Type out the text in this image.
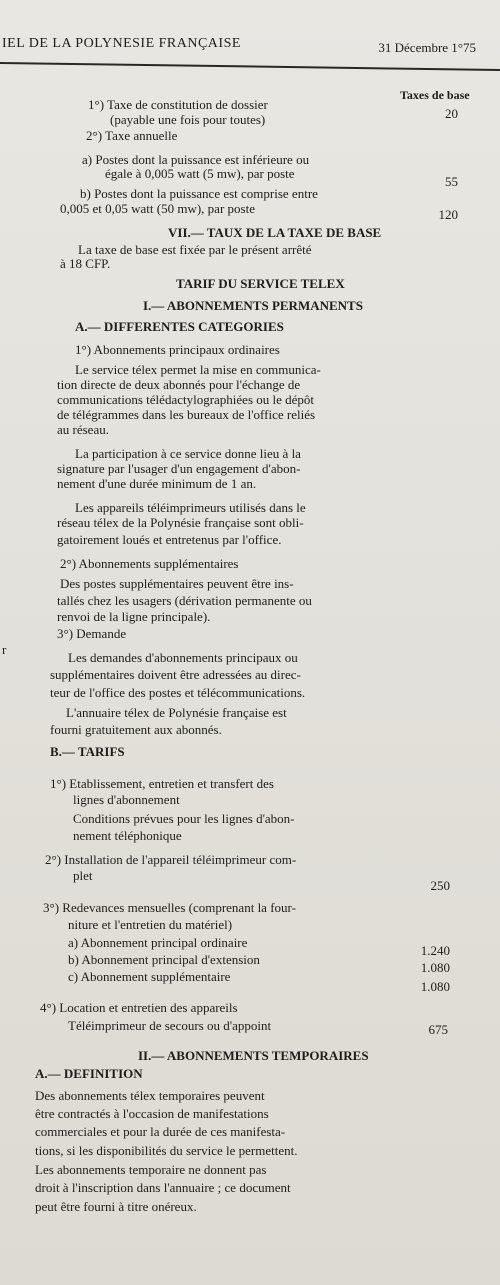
IEL DE LA POLYNESIE FRANÇAISE	31 Décembre 1°75
Taxes de base
1°) Taxe de constitution de dossier
(payable une fois pour toutes)
2°) Taxe annuelle
a) Postes dont la puissance est inférieure ou
égale à 0,005 watt (5 mw), par poste
b) Postes dont la puissance est comprise entre
0,005 et 0,05 watt (50 mw), par poste
VII.— TAUX DE LA TAXE DE BASE
La taxe de base est fixée par le présent arrêté
à 18 CFP.
TARIF DU SERVICE TELEX
I.— ABONNEMENTS PERMANENTS
A.— DIFFERENTES CATEGORIES
1°) Abonnements principaux ordinaires
Le service télex permet la mise en communica-
tion directe de deux abonnés pour l'échange de
communications télédactylographiées ou le dépôt
de télégrammes dans les bureaux de l'office reliés
au réseau.
La participation à ce service donne lieu à la
signature par l'usager d'un engagement d'abon-
nement d'une durée minimum de 1 an.
Les appareils téléimprimeurs utilisés dans le
réseau télex de la Polynésie française sont obli-
gatoirement loués et entretenus par l'office.
2°) Abonnements supplémentaires
Des postes supplémentaires peuvent être ins-
tallés chez les usagers (dérivation permanente ou
renvoi de la ligne principale).
3°) Demande
Les demandes d'abonnements principaux ou
supplémentaires doivent être adressées au direc-
teur de l'office des postes et télécommunications.
L'annuaire télex de Polynésie française est
fourni gratuitement aux abonnés.
B.— TARIFS
1°) Etablissement, entretien et transfert des
lignes d'abonnement
Conditions prévues pour les lignes d'abon-
nement téléphonique
2°) Installation de l'appareil téléimprimeur com-
plet
3°) Redevances mensuelles (comprenant la four-
niture et l'entretien du matériel)
a) Abonnement principal ordinaire
b) Abonnement principal d'extension
c) Abonnement supplémentaire
4°) Location et entretien des appareils
Téléimprimeur de secours ou d'appoint
II.— ABONNEMENTS TEMPORAIRES
A.— DEFINITION
Des abonnements télex temporaires peuvent
être contractés à l'occasion de manifestations
commerciales et pour la durée de ces manifesta-
tions, si les disponibilités du service le permettent.
Les abonnements temporaire ne donnent pas
droit à l'inscription dans l'annuaire ; ce document
peut être fourni à titre onéreux.
20
55
120
250
1.240
1.080
1.080
675
r
